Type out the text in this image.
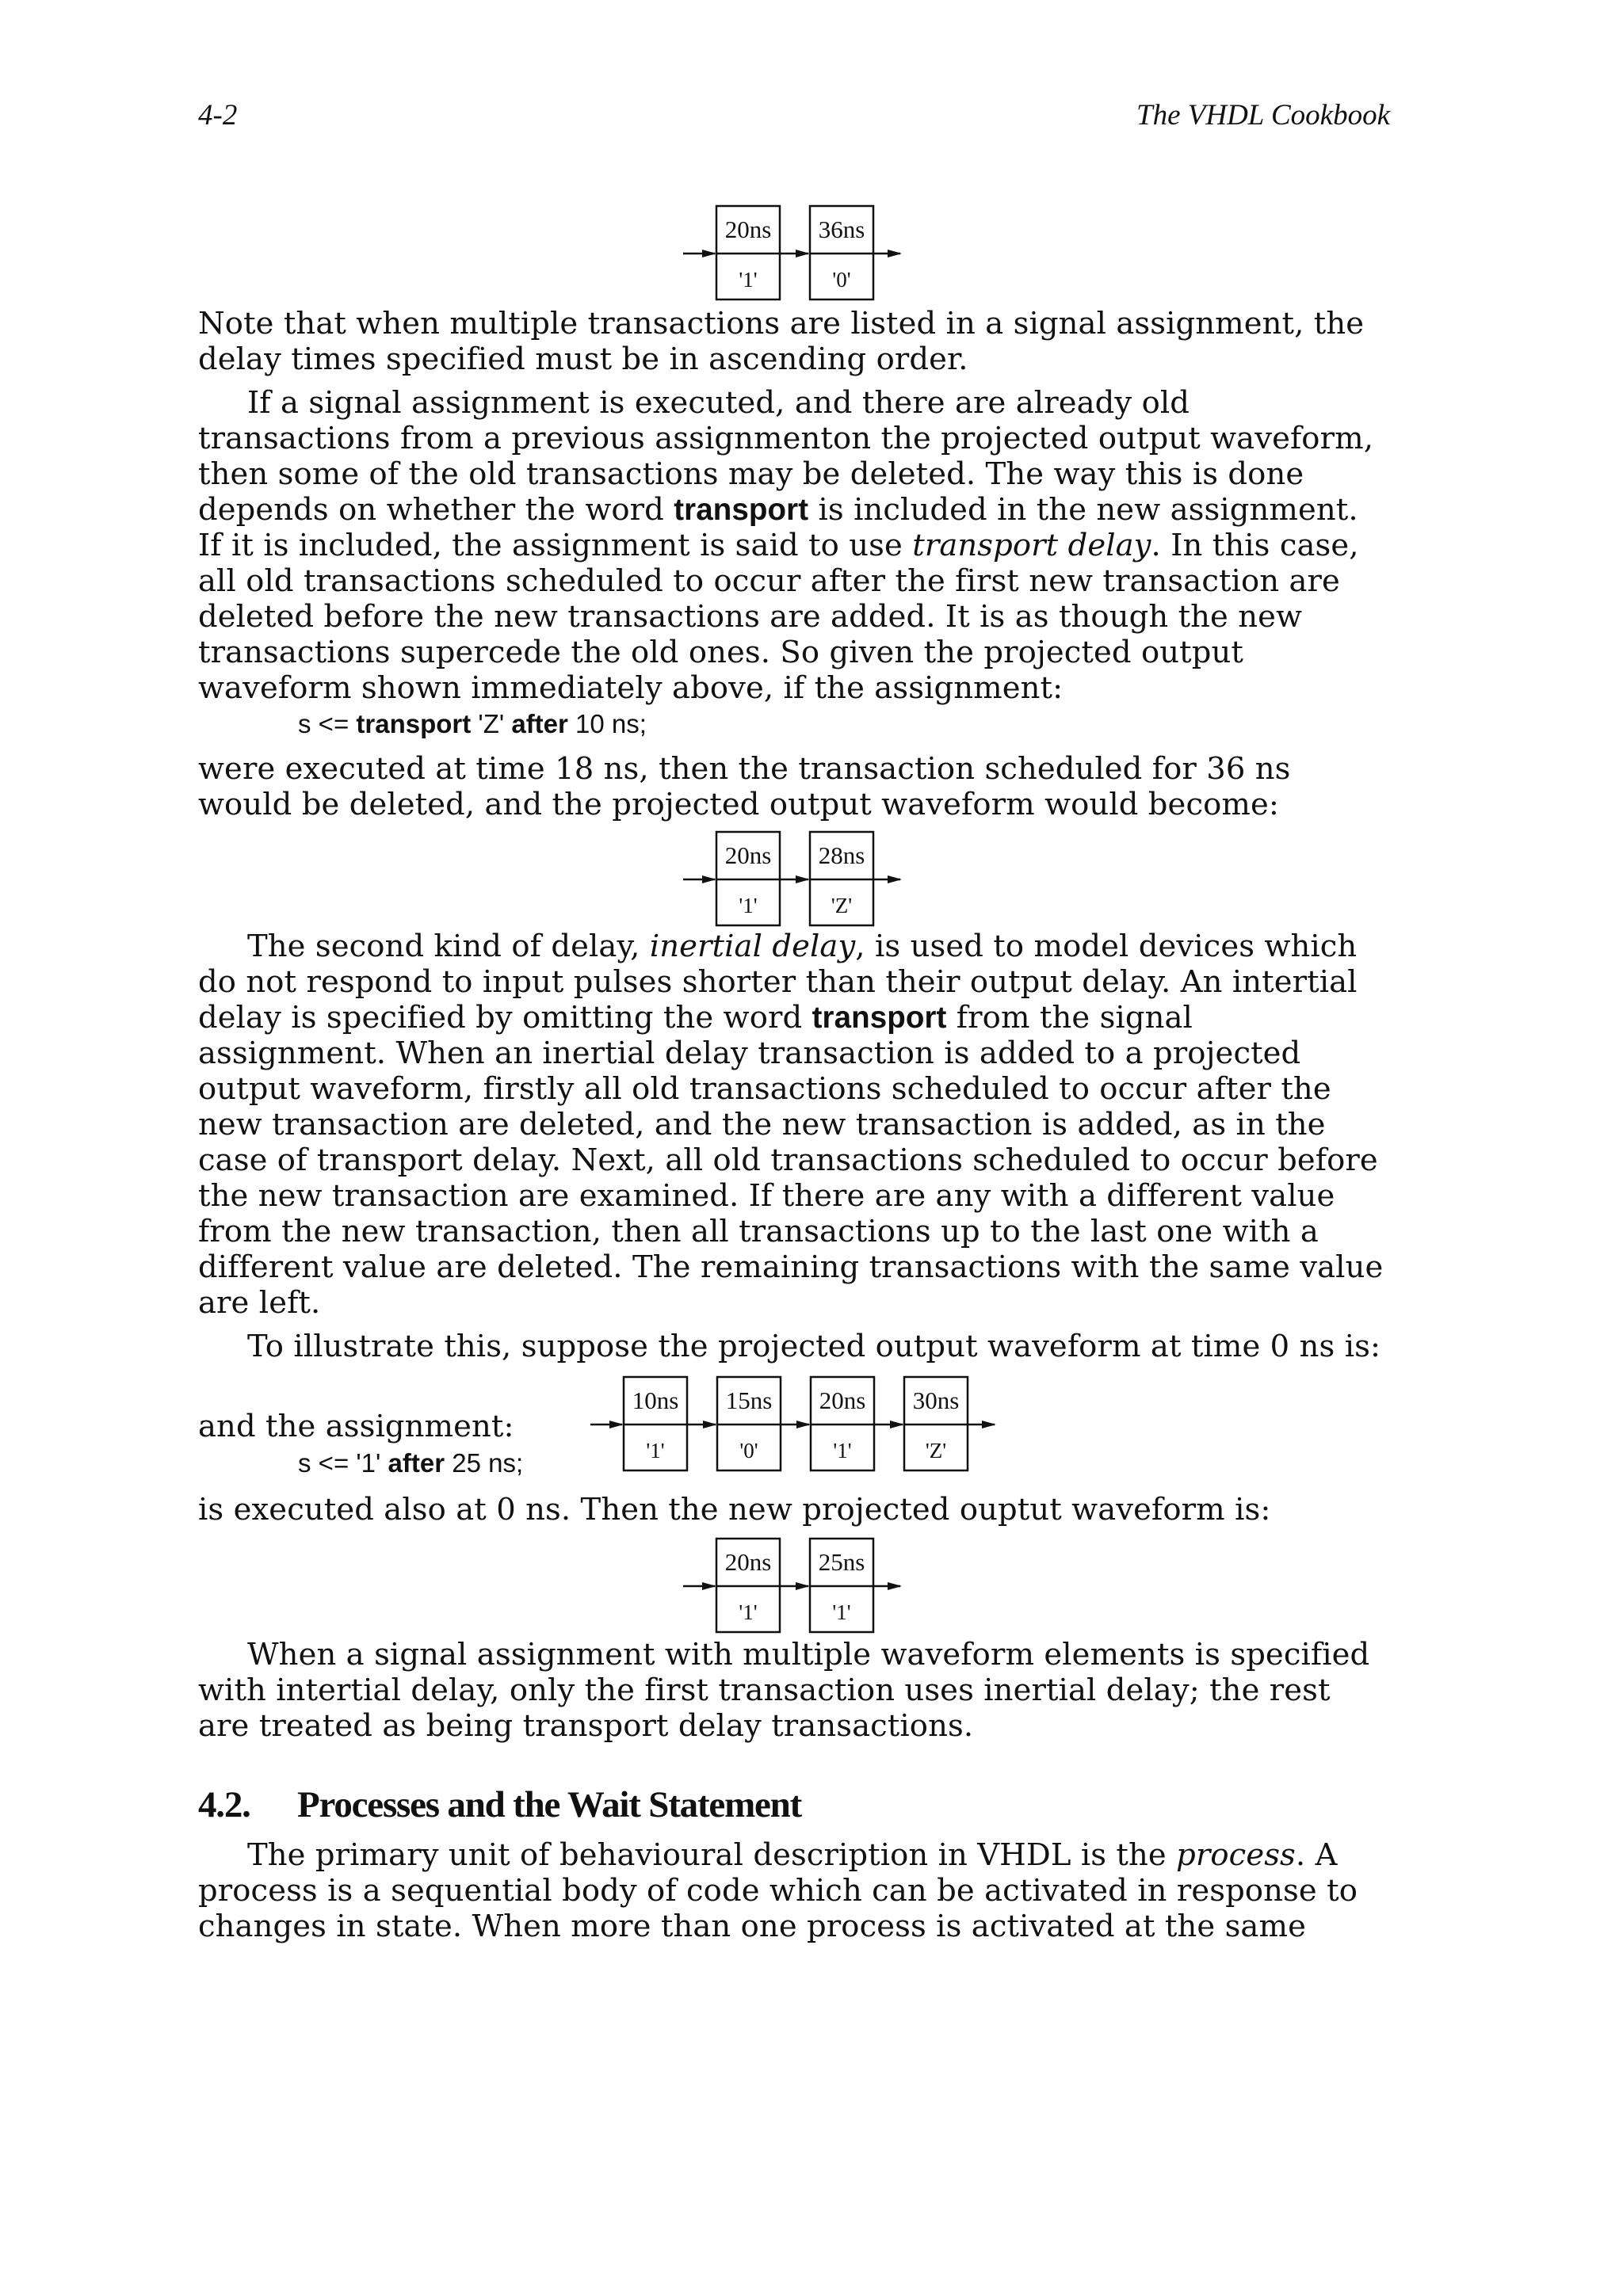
4-2	The VHDL Cookbook
20ns
'1'
36ns
'0'

Note that when multiple transactions are listed in a signal assignment, the delay times specified must be in ascending order.

If a signal assignment is executed, and there are already old transactions from a previous assignmenton the projected output waveform, then some of the old transactions may be deleted. The way this is done depends on whether the word transport is included in the new assignment. If it is included, the assignment is said to use transport delay. In this case, all old transactions scheduled to occur after the first new transaction are deleted before the new transactions are added. It is as though the new transactions supercede the old ones. So given the projected output waveform shown immediately above, if the assignment:

s <= transport 'Z' after 10 ns;

were executed at time 18 ns, then the transaction scheduled for 36 ns would be deleted, and the projected output waveform would become:

20ns
'1'
28ns
'Z'

The second kind of delay, inertial delay, is used to model devices which do not respond to input pulses shorter than their output delay. An intertial delay is specified by omitting the word transport from the signal assignment. When an inertial delay transaction is added to a projected output waveform, firstly all old transactions scheduled to occur after the new transaction are deleted, and the new transaction is added, as in the case of transport delay. Next, all old transactions scheduled to occur before the new transaction are examined. If there are any with a different value from the new transaction, then all transactions up to the last one with a different value are deleted. The remaining transactions with the same value are left.

To illustrate this, suppose the projected output waveform at time 0 ns is:

10ns
'1'
15ns
'0'
20ns
'1'
30ns
'Z'

and the assignment:

s <= '1' after 25 ns;

is executed also at 0 ns. Then the new projected ouptut waveform is:

20ns
'1'
25ns
'1'

When a signal assignment with multiple waveform elements is specified with intertial delay, only the first transaction uses inertial delay; the rest are treated as being transport delay transactions.

4.2. Processes and the Wait Statement

The primary unit of behavioural description in VHDL is the process. A process is a sequential body of code which can be activated in response to changes in state. When more than one process is activated at the same
